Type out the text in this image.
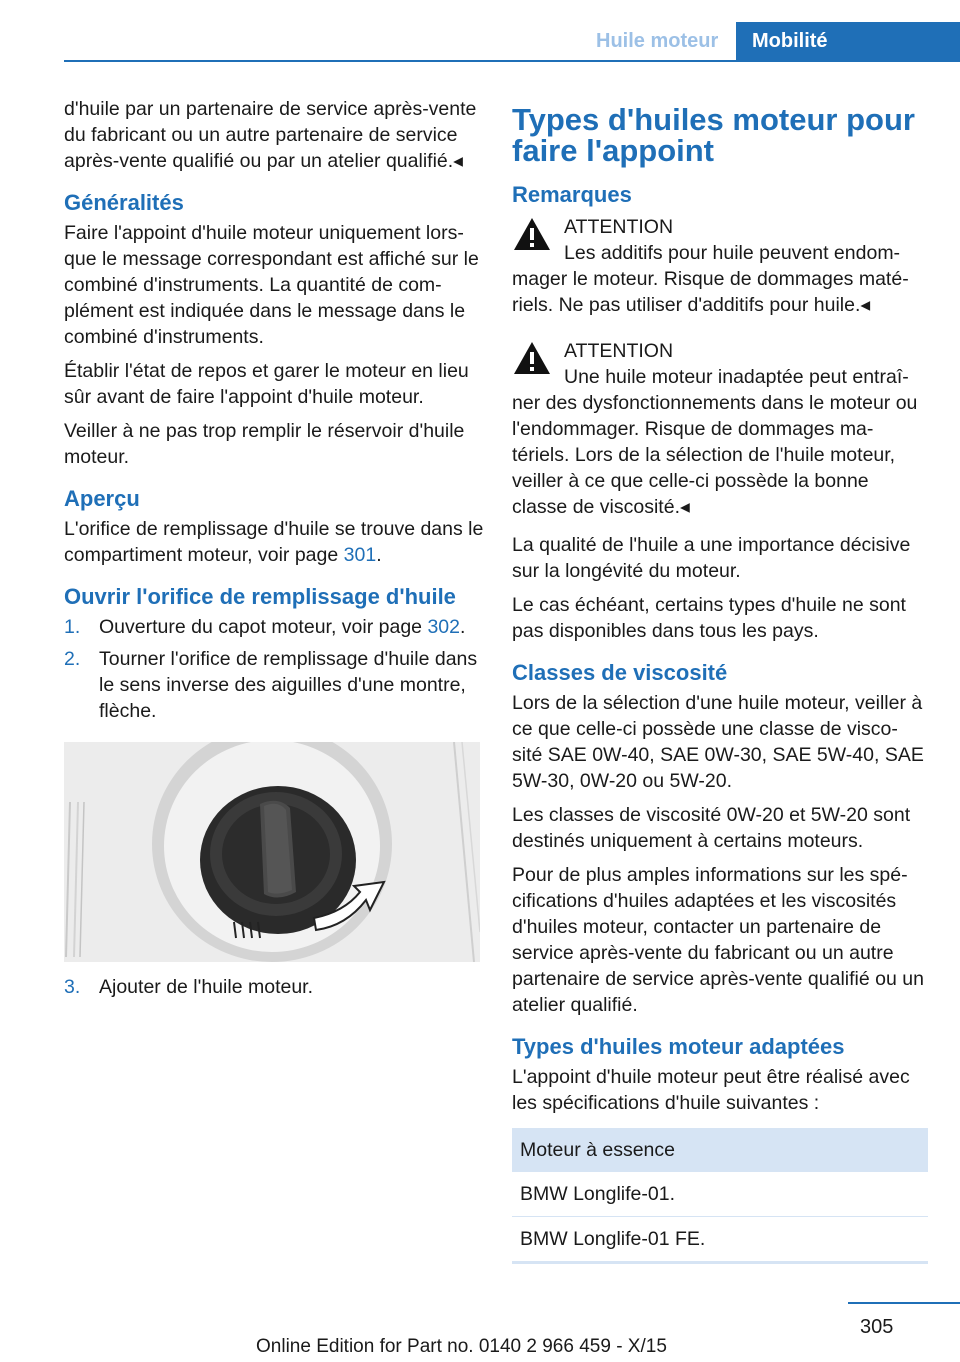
Huile moteur Mobilité

d'huile par un partenaire de service après-vente du fabricant ou un autre partenaire de service après-vente qualifié ou par un atelier qualifié.◂

Généralités

Faire l'appoint d'huile moteur uniquement lors-que le message correspondant est affiché sur le combiné d'instruments. La quantité de com-plément est indiquée dans le message dans le combiné d'instruments.

Établir l'état de repos et garer le moteur en lieu sûr avant de faire l'appoint d'huile moteur.

Veiller à ne pas trop remplir le réservoir d'huile moteur.

Aperçu

L'orifice de remplissage d'huile se trouve dans le compartiment moteur, voir page 301.

Ouvrir l'orifice de remplissage d'huile
1. Ouverture du capot moteur, voir page 302.
2. Tourner l'orifice de remplissage d'huile dans le sens inverse des aiguilles d'une montre, flèche.
3. Ajouter de l'huile moteur.
Types d'huiles moteur pour faire l'appoint
Remarques
ATTENTION
Les additifs pour huile peuvent endom-
mager le moteur. Risque de dommages maté-riels. Ne pas utiliser d'additifs pour huile.◂
ATTENTION
Une huile moteur inadaptée peut entraî-
ner des dysfonctionnements dans le moteur ou l'endommager. Risque de dommages ma-tériels. Lors de la sélection de l'huile moteur, veiller à ce que celle-ci possède la bonne classe de viscosité.◂

La qualité de l'huile a une importance décisive sur la longévité du moteur.

Le cas échéant, certains types d'huile ne sont pas disponibles dans tous les pays.

Classes de viscosité

Lors de la sélection d'une huile moteur, veiller à ce que celle-ci possède une classe de visco-sité SAE 0W-40, SAE 0W-30, SAE 5W-40, SAE 5W-30, 0W-20 ou 5W-20.

Les classes de viscosité 0W-20 et 5W-20 sont destinés uniquement à certains moteurs.

Pour de plus amples informations sur les spé-cifications d'huiles adaptées et les viscosités d'huiles moteur, contacter un partenaire de service après-vente du fabricant ou un autre partenaire de service après-vente qualifié ou un atelier qualifié.

Types d'huiles moteur adaptées

L'appoint d'huile moteur peut être réalisé avec les spécifications d'huile suivantes :

Moteur à essence
BMW Longlife-01.
BMW Longlife-01 FE.
305
Online Edition for Part no. 0140 2 966 459 - X/15
